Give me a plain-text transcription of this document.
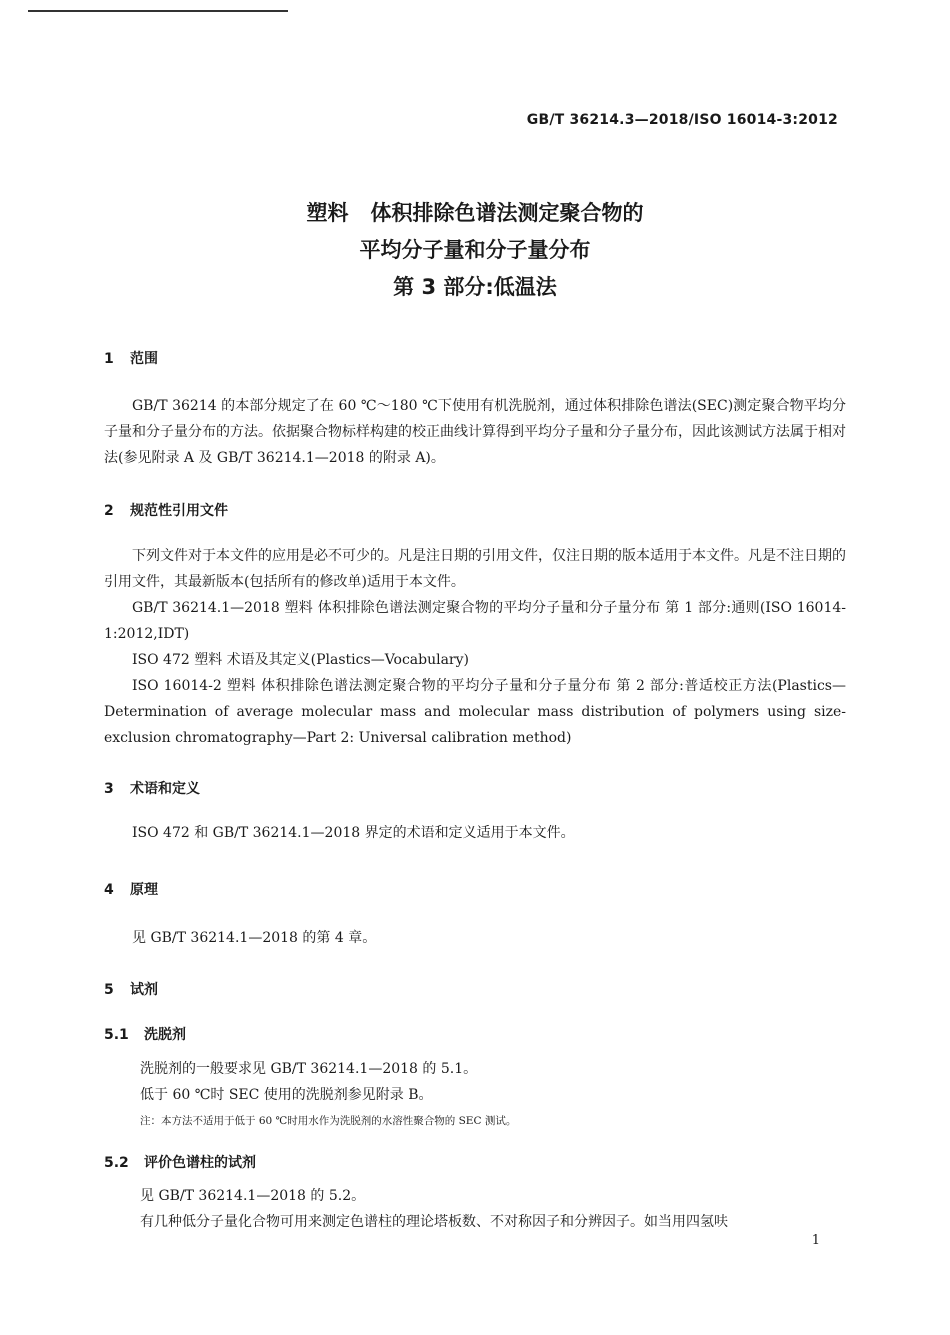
GB/T 36214.3—2018/ISO 16014-3:2012
塑料   体积排除色谱法测定聚合物的
平均分子量和分子量分布
第 3 部分:低温法
1 范围
GB/T 36214 的本部分规定了在 60 ℃～180 ℃下使用有机洗脱剂，通过体积排除色谱法(SEC)测定聚合物平均分子量和分子量分布的方法。依据聚合物标样构建的校正曲线计算得到平均分子量和分子量分布，因此该测试方法属于相对法(参见附录 A 及 GB/T 36214.1—2018 的附录 A)。
2 规范性引用文件
下列文件对于本文件的应用是必不可少的。凡是注日期的引用文件，仅注日期的版本适用于本文件。凡是不注日期的引用文件，其最新版本(包括所有的修改单)适用于本文件。
GB/T 36214.1—2018 塑料 体积排除色谱法测定聚合物的平均分子量和分子量分布 第 1 部分:通则(ISO 16014-1:2012,IDT)
ISO 472 塑料 术语及其定义(Plastics—Vocabulary)
ISO 16014-2 塑料 体积排除色谱法测定聚合物的平均分子量和分子量分布 第 2 部分:普适校正方法(Plastics—Determination of average molecular mass and molecular mass distribution of polymers using size-exclusion chromatography—Part 2: Universal calibration method)
3 术语和定义
ISO 472 和 GB/T 36214.1—2018 界定的术语和定义适用于本文件。
4 原理
见 GB/T 36214.1—2018 的第 4 章。
5 试剂
5.1 洗脱剂
洗脱剂的一般要求见 GB/T 36214.1—2018 的 5.1。
低于 60 ℃时 SEC 使用的洗脱剂参见附录 B。
注：本方法不适用于低于 60 ℃时用水作为洗脱剂的水溶性聚合物的 SEC 测试。
5.2 评价色谱柱的试剂
见 GB/T 36214.1—2018 的 5.2。
有几种低分子量化合物可用来测定色谱柱的理论塔板数、不对称因子和分辨因子。如当用四氢呋
1
